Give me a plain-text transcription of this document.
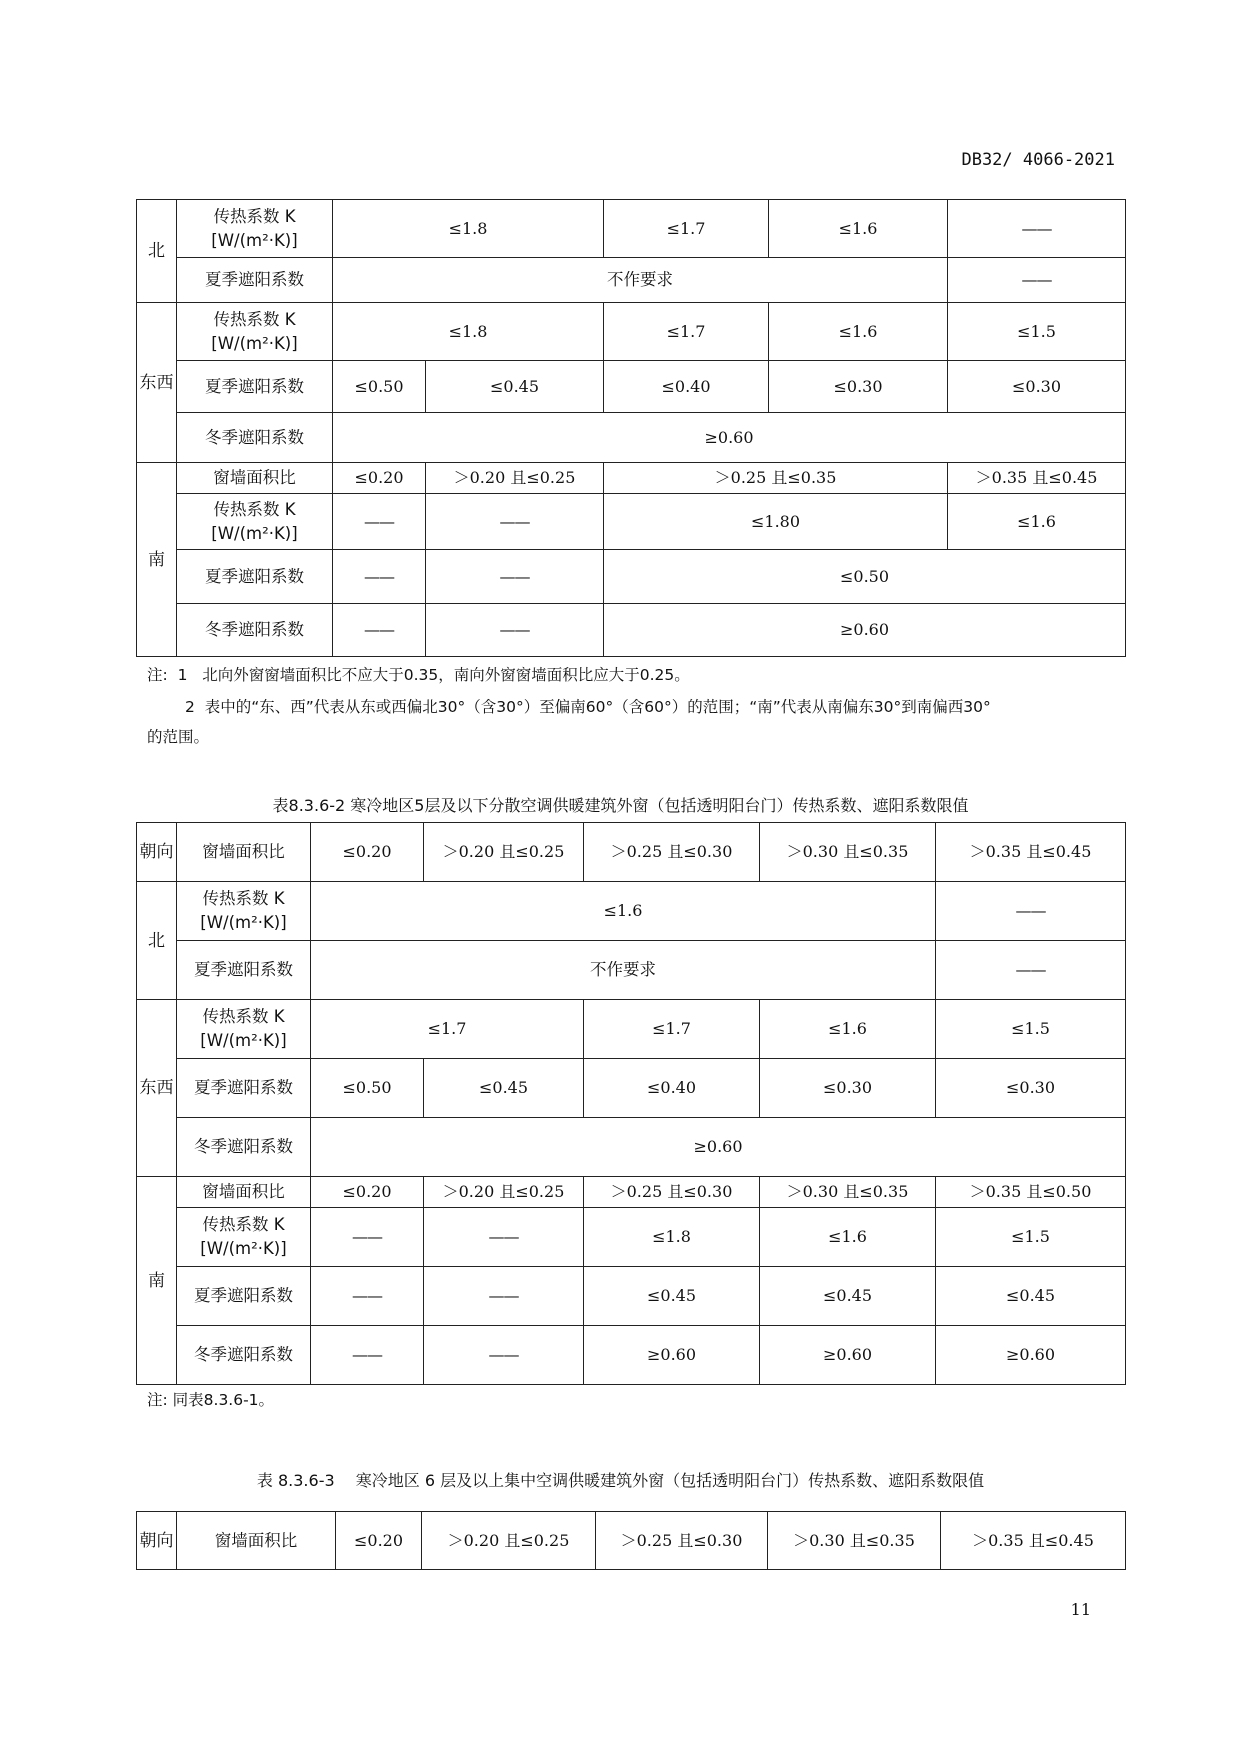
DB32/ 4066-2021
北	传热系数 K [W/(m²·K)]	≤1.8		≤1.7	≤1.6	——
	夏季遮阳系数	不作要求				——
东西	传热系数 K [W/(m²·K)]	≤1.8		≤1.7	≤1.6	≤1.5
	夏季遮阳系数	≤0.50	≤0.45	≤0.40	≤0.30	≤0.30
	冬季遮阳系数	≥0.60				
南	窗墙面积比	≤0.20	＞0.20 且≤0.25	＞0.25 且≤0.35		＞0.35 且≤0.45
	传热系数 K [W/(m²·K)]	——	——	≤1.80		≤1.6
	夏季遮阳系数	——	——	≤0.50		
	冬季遮阳系数	——	——	≥0.60		
注: 1 北向外窗窗墙面积比不应大于0.35，南向外窗窗墙面积比应大于0.25。
2 表中的“东、西”代表从东或西偏北30°（含30°）至偏南60°（含60°）的范围；“南”代表从南偏东30°到南偏西30°
的范围。
表8.3.6-2 寒冷地区5层及以下分散空调供暖建筑外窗（包括透明阳台门）传热系数、遮阳系数限值
朝向	窗墙面积比	≤0.20	＞0.20 且≤0.25	＞0.25 且≤0.30	＞0.30 且≤0.35	＞0.35 且≤0.45
北	传热系数 K [W/(m²·K)]	≤1.6				——
	夏季遮阳系数	不作要求				——
东西	传热系数 K [W/(m²·K)]	≤1.7		≤1.7	≤1.6	≤1.5
	夏季遮阳系数	≤0.50	≤0.45	≤0.40	≤0.30	≤0.30
	冬季遮阳系数	≥0.60				
南	窗墙面积比	≤0.20	＞0.20 且≤0.25	＞0.25 且≤0.30	＞0.30 且≤0.35	＞0.35 且≤0.50
	传热系数 K [W/(m²·K)]	——	——	≤1.8	≤1.6	≤1.5
	夏季遮阳系数	——	——	≤0.45	≤0.45	≤0.45
	冬季遮阳系数	——	——	≥0.60	≥0.60	≥0.60
注: 同表8.3.6-1。
表 8.3.6-3　 寒冷地区 6 层及以上集中空调供暖建筑外窗（包括透明阳台门）传热系数、遮阳系数限值
朝向	窗墙面积比	≤0.20	＞0.20 且≤0.25	＞0.25 且≤0.30	＞0.30 且≤0.35	＞0.35 且≤0.45
11
